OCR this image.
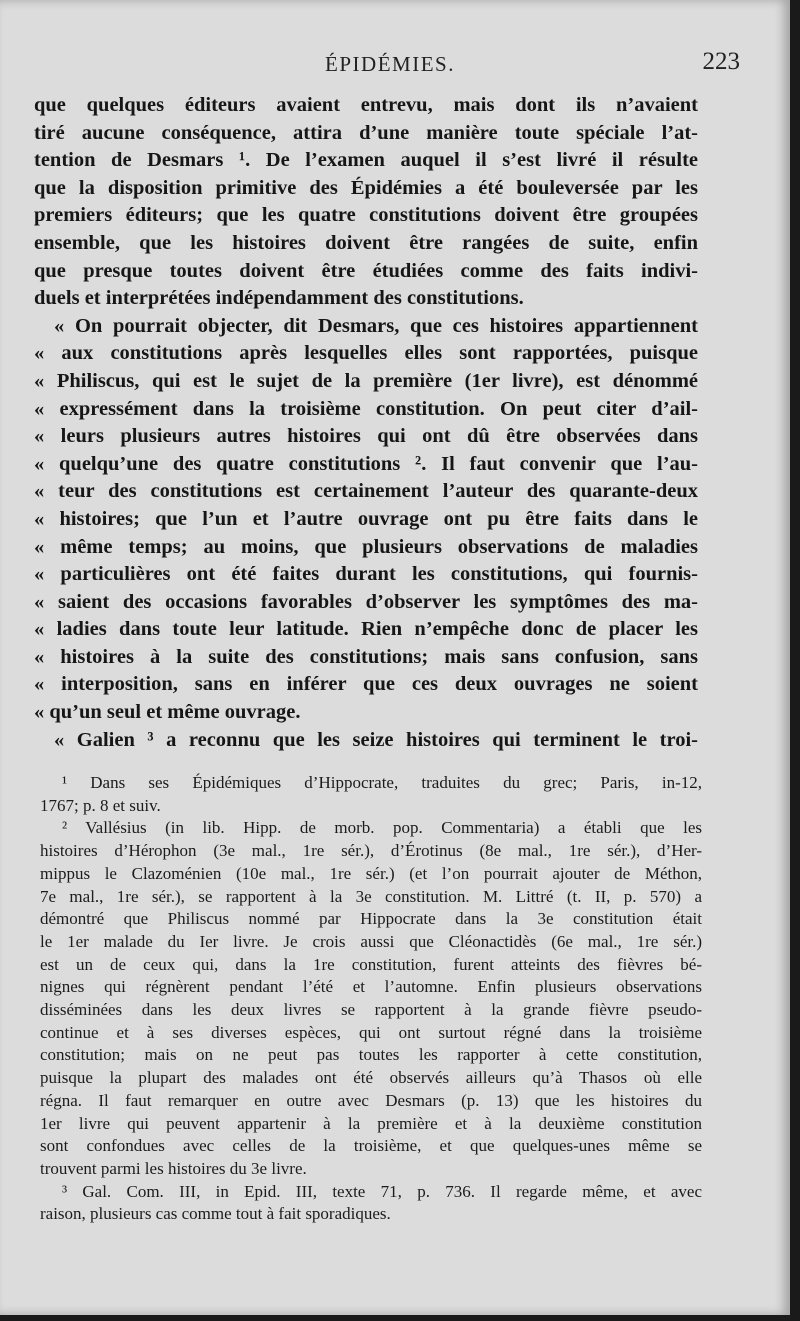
ÉPIDÉMIES.	223
que quelques éditeurs avaient entrevu, mais dont ils n’avaient
tiré aucune conséquence, attira d’une manière toute spéciale l’at-
tention de Desmars ¹. De l’examen auquel il s’est livré il résulte
que la disposition primitive des Épidémies a été bouleversée par les
premiers éditeurs; que les quatre constitutions doivent être groupées
ensemble, que les histoires doivent être rangées de suite, enfin
que presque toutes doivent être étudiées comme des faits indivi-
duels et interprétées indépendamment des constitutions.
« On pourrait objecter, dit Desmars, que ces histoires appartiennent
« aux constitutions après lesquelles elles sont rapportées, puisque
« Philiscus, qui est le sujet de la première (1er livre), est dénommé
« expressément dans la troisième constitution. On peut citer d’ail-
« leurs plusieurs autres histoires qui ont dû être observées dans
« quelqu’une des quatre constitutions ². Il faut convenir que l’au-
« teur des constitutions est certainement l’auteur des quarante-deux
« histoires; que l’un et l’autre ouvrage ont pu être faits dans le
« même temps; au moins, que plusieurs observations de maladies
« particulières ont été faites durant les constitutions, qui fournis-
« saient des occasions favorables d’observer les symptômes des ma-
« ladies dans toute leur latitude. Rien n’empêche donc de placer les
« histoires à la suite des constitutions; mais sans confusion, sans
« interposition, sans en inférer que ces deux ouvrages ne soient
« qu’un seul et même ouvrage.
« Galien ³ a reconnu que les seize histoires qui terminent le troi-
¹ Dans ses Épidémiques d’Hippocrate, traduites du grec; Paris, in-12,
1767; p. 8 et suiv.
² Vallésius (in lib. Hipp. de morb. pop. Commentaria) a établi que les
histoires d’Hérophon (3e mal., 1re sér.), d’Érotinus (8e mal., 1re sér.), d’Her-
mippus le Clazoménien (10e mal., 1re sér.) (et l’on pourrait ajouter de Méthon,
7e mal., 1re sér.), se rapportent à la 3e constitution. M. Littré (t. II, p. 570) a
démontré que Philiscus nommé par Hippocrate dans la 3e constitution était
le 1er malade du Ier livre. Je crois aussi que Cléonactidès (6e mal., 1re sér.)
est un de ceux qui, dans la 1re constitution, furent atteints des fièvres bé-
nignes qui régnèrent pendant l’été et l’automne. Enfin plusieurs observations
disséminées dans les deux livres se rapportent à la grande fièvre pseudo-
continue et à ses diverses espèces, qui ont surtout régné dans la troisième
constitution; mais on ne peut pas toutes les rapporter à cette constitution,
puisque la plupart des malades ont été observés ailleurs qu’à Thasos où elle
régna. Il faut remarquer en outre avec Desmars (p. 13) que les histoires du
1er livre qui peuvent appartenir à la première et à la deuxième constitution
sont confondues avec celles de la troisième, et que quelques-unes même se
trouvent parmi les histoires du 3e livre.
³ Gal. Com. III, in Epid. III, texte 71, p. 736. Il regarde même, et avec
raison, plusieurs cas comme tout à fait sporadiques.
